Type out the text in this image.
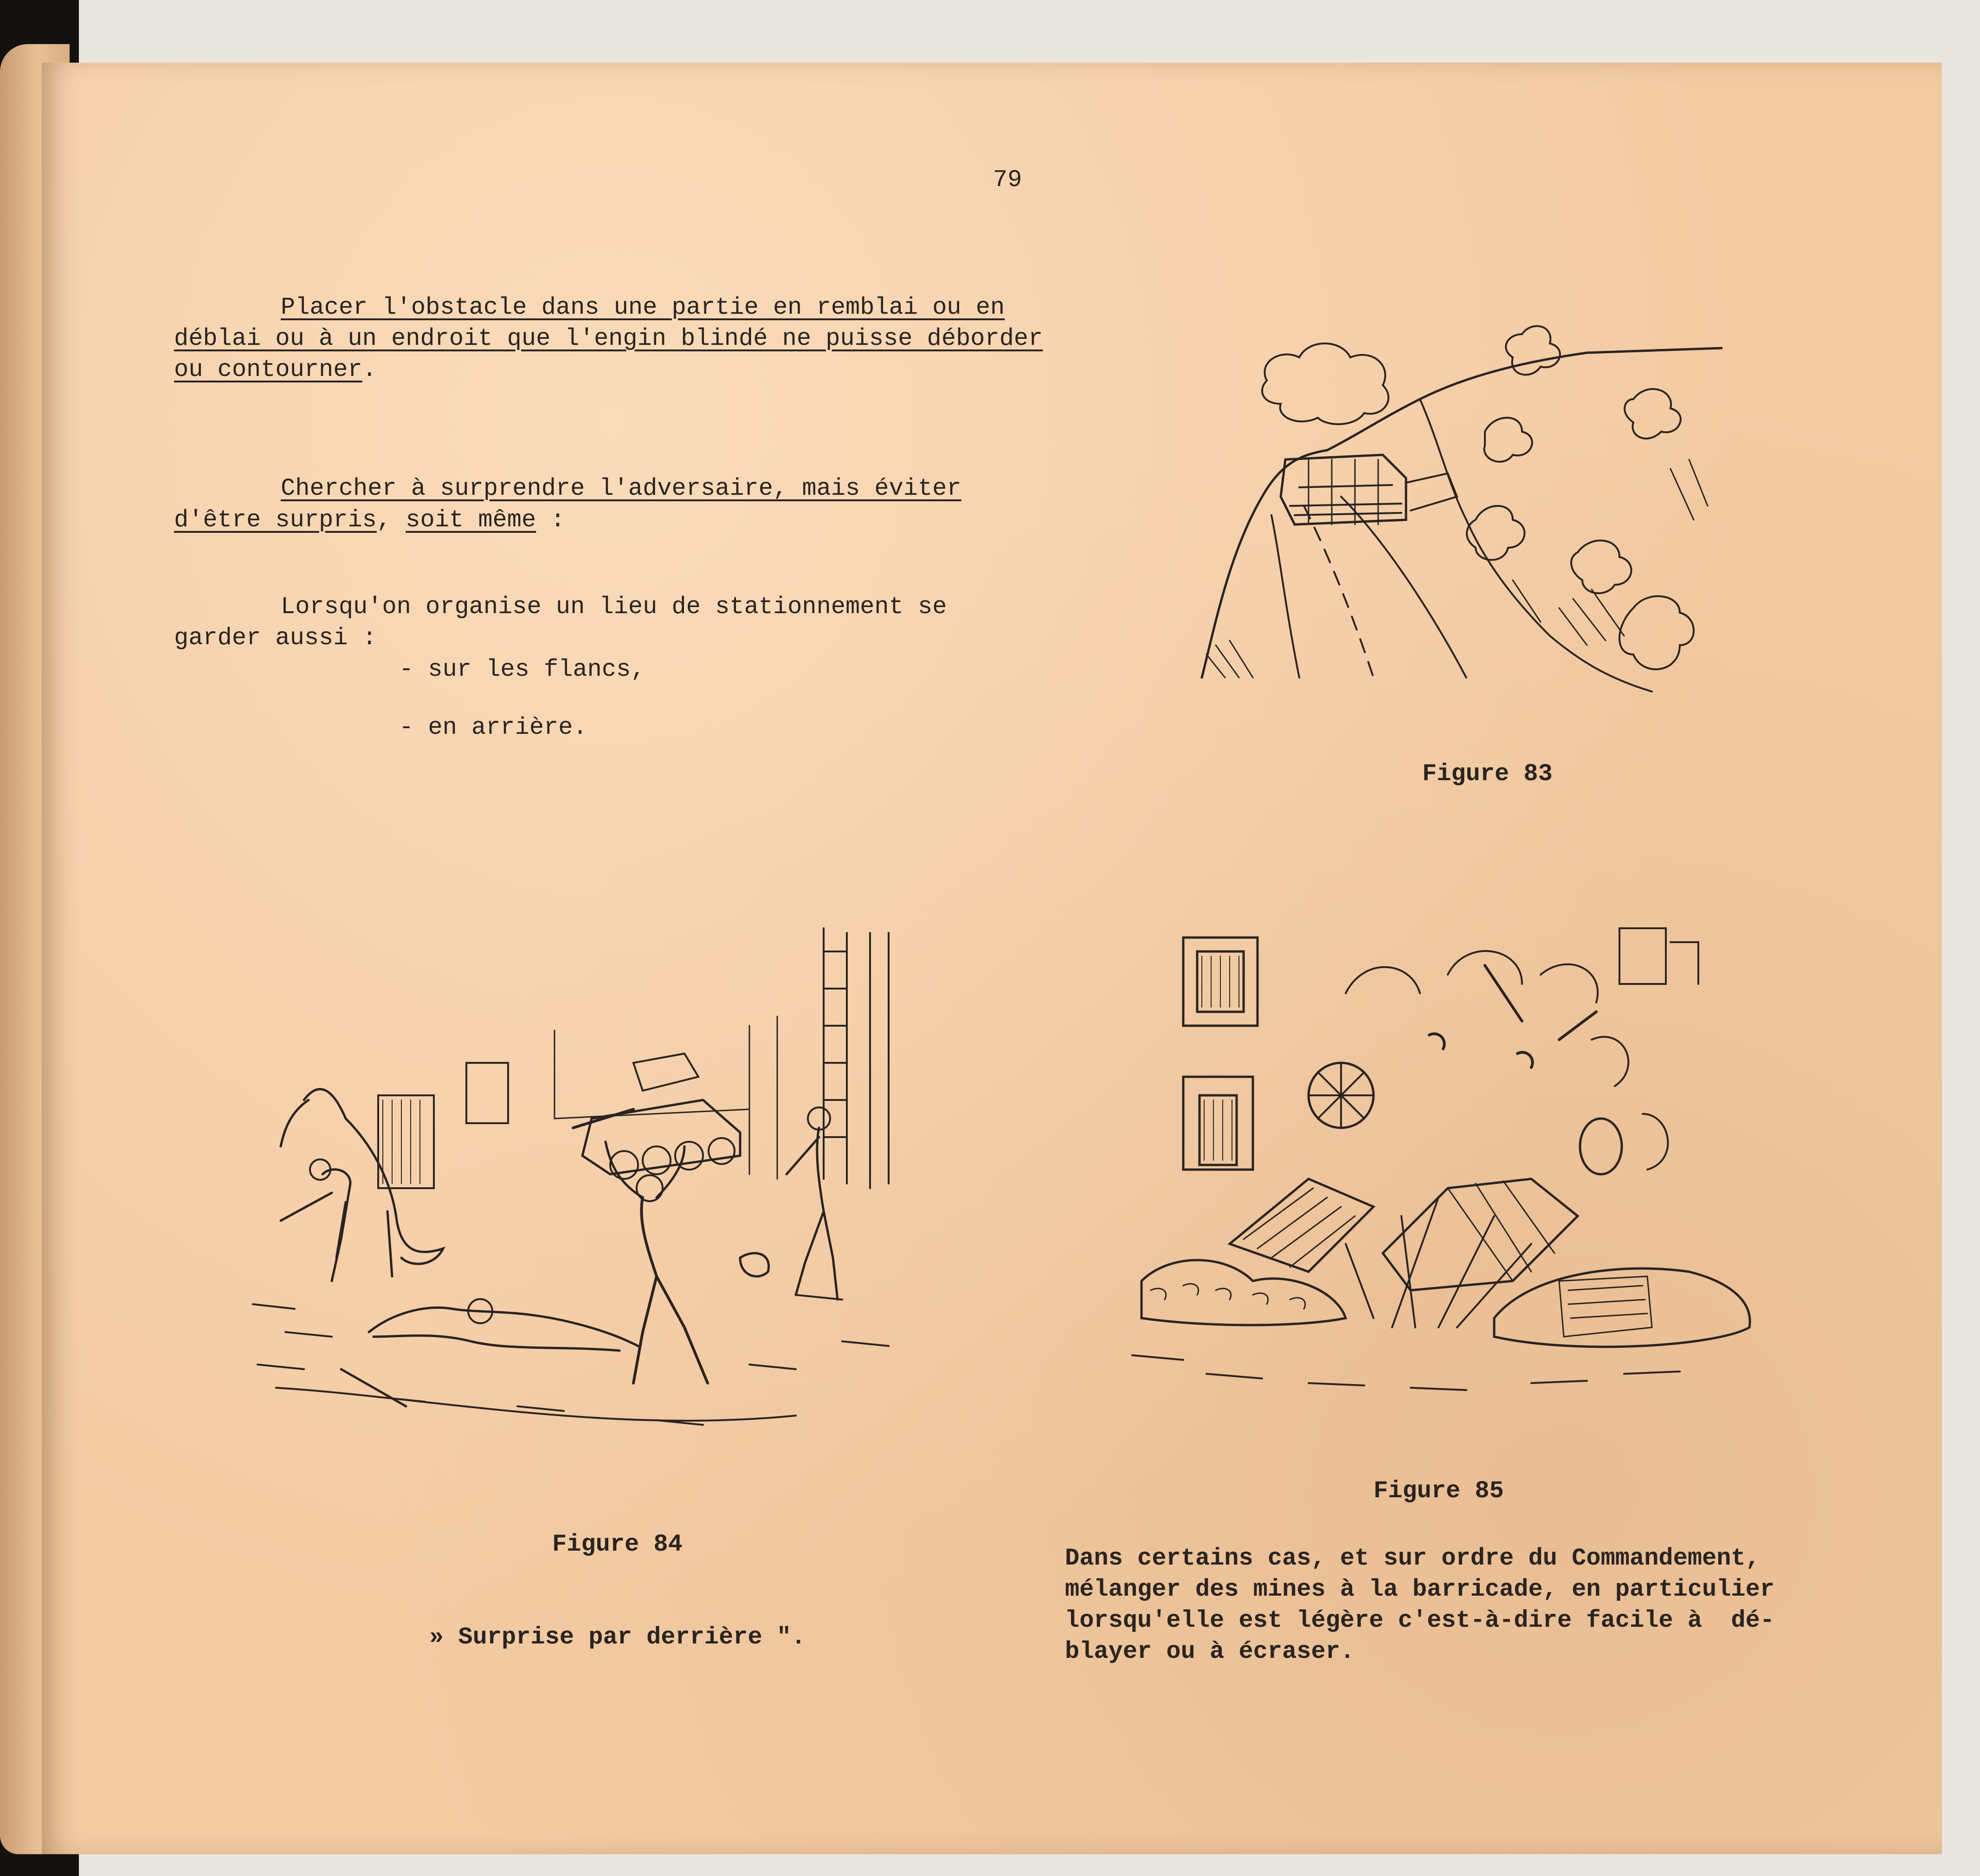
79
Placer l'obstacle dans une partie en remblai ou en
déblai ou à un endroit que l'engin blindé ne puisse déborder
ou contourner.
Chercher à surprendre l'adversaire, mais éviter
d'être surpris, soit même :
Lorsqu'on organise un lieu de stationnement se
garder aussi :
- sur les flancs,
- en arrière.
Figure 83
Figure 84
» Surprise par derrière ".
Figure 85
Dans certains cas, et sur ordre du Commandement,
mélanger des mines à la barricade, en particulier
lorsqu'elle est légère c'est-à-dire facile à  dé-
blayer ou à écraser.
